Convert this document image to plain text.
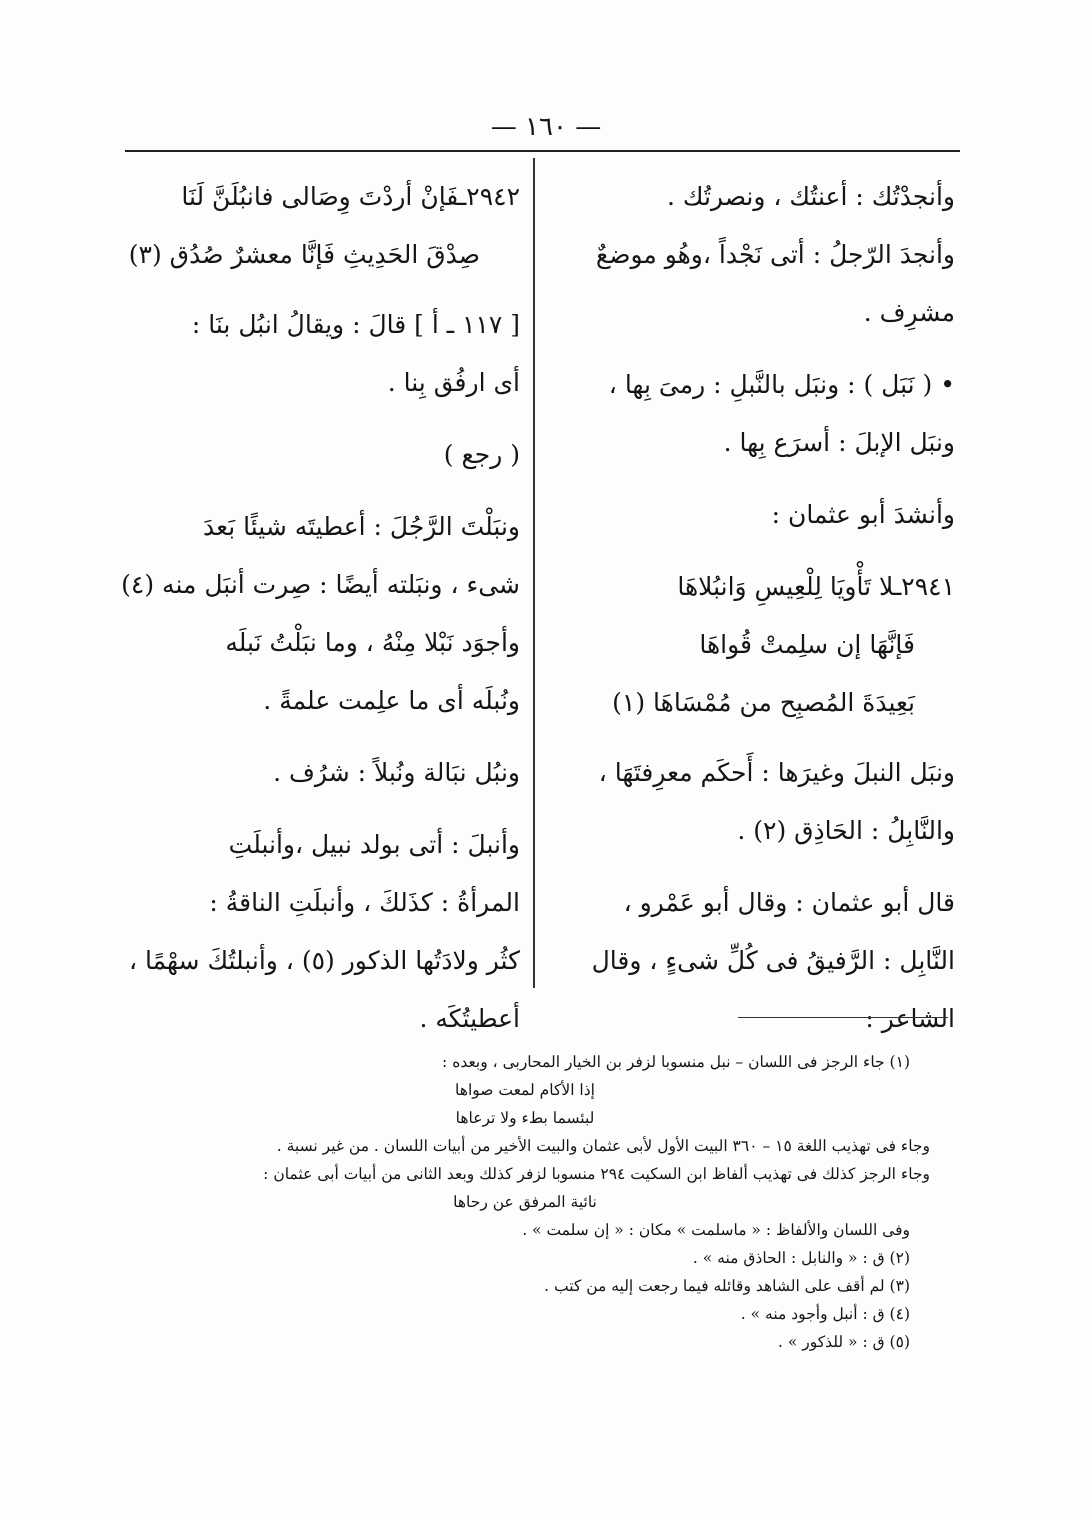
— ١٦٠ —
وأنجدْتُك : أعنتُك ، ونصرتُك .
وأنجدَ الرّجلُ : أتى نَجْداً ،وهُو موضعٌ
مشرِف .
• ( نَبَل ) : ونبَل بالنَّبلِ : رمىَ بِها ،
ونبَل الإبلَ : أسرَع بِها .
وأنشدَ أبو عثمان :
٢٩٤١ـلا تَأْويَا لِلْعِيسِ وَانبُلاهَا
فَإنَّهَا إن سلِمتْ قُواهَا
بَعِيدَةَ المُصبِح من مُمْسَاهَا (١)
ونبَل النبلَ وغيرَها : أَحكَم معرِفتَهَا ،
والنَّابِلُ : الحَاذِق (٢) .
قال أبو عثمان : وقال أبو عَمْرو ،
النَّابِل : الرَّفيقُ فى كُلِّ شىءٍ ، وقال
الشاعر :
٢٩٤٢ـفَإنْ أردْتَ وِصَالى فانبُلَنَّ لَنَا
صِدْقَ الحَدِيثِ فَإنَّا معشرٌ صُدُق (٣)
[ ١١٧ ـ أ ] قالَ : ويقالُ انبُل بنَا :
أى ارفُق بِنا .
( رجع )
ونبَلْتَ الرَّجُلَ : أعطيتَه شيئًا بَعدَ
شىء ، ونبَلته أيضًا : صِرت أنبَل منه (٤)
وأجوَد نَبْلا مِنْهُ ، وما نبَلْتُ نَبلَه
ونُبلَه أى ما علِمت علمةً .
ونبُل نبَالة ونُبلاً : شرُف .
وأنبلَ : أتى بولد نبيل ،وأنبلَتِ
المرأةُ : كذَلكَ ، وأنبلَتِ الناقةُ :
كثُر ولادَتُها الذكور (٥) ، وأنبلتُكَ سهْمًا ،
أعطيتُكَه .
(١) جاء الرجز فى اللسان – نبل منسوبا لزفر بن الخيار المحاربى ، وبعده :
إذا الأكام لمعت صواها
لبئسما بطء ولا ترعاها
وجاء فى تهذيب اللغة ١٥ – ٣٦٠ البيت الأول لأبى عثمان والبيت الأخير من أبيات اللسان . من غير نسبة .
وجاء الرجز كذلك فى تهذيب ألفاظ ابن السكيت ٢٩٤ منسوبا لزفر كذلك وبعد الثانى من أبيات أبى عثمان :
نائية المرفق عن رحاها
وفى اللسان والألفاظ : « ماسلمت » مكان : « إن سلمت » .
(٢) ق : « والنابل : الحاذق منه » .
(٣) لم أقف على الشاهد وقائله فيما رجعت إليه من كتب .
(٤) ق : أنبل وأجود منه » .
(٥) ق : « للذكور » .
